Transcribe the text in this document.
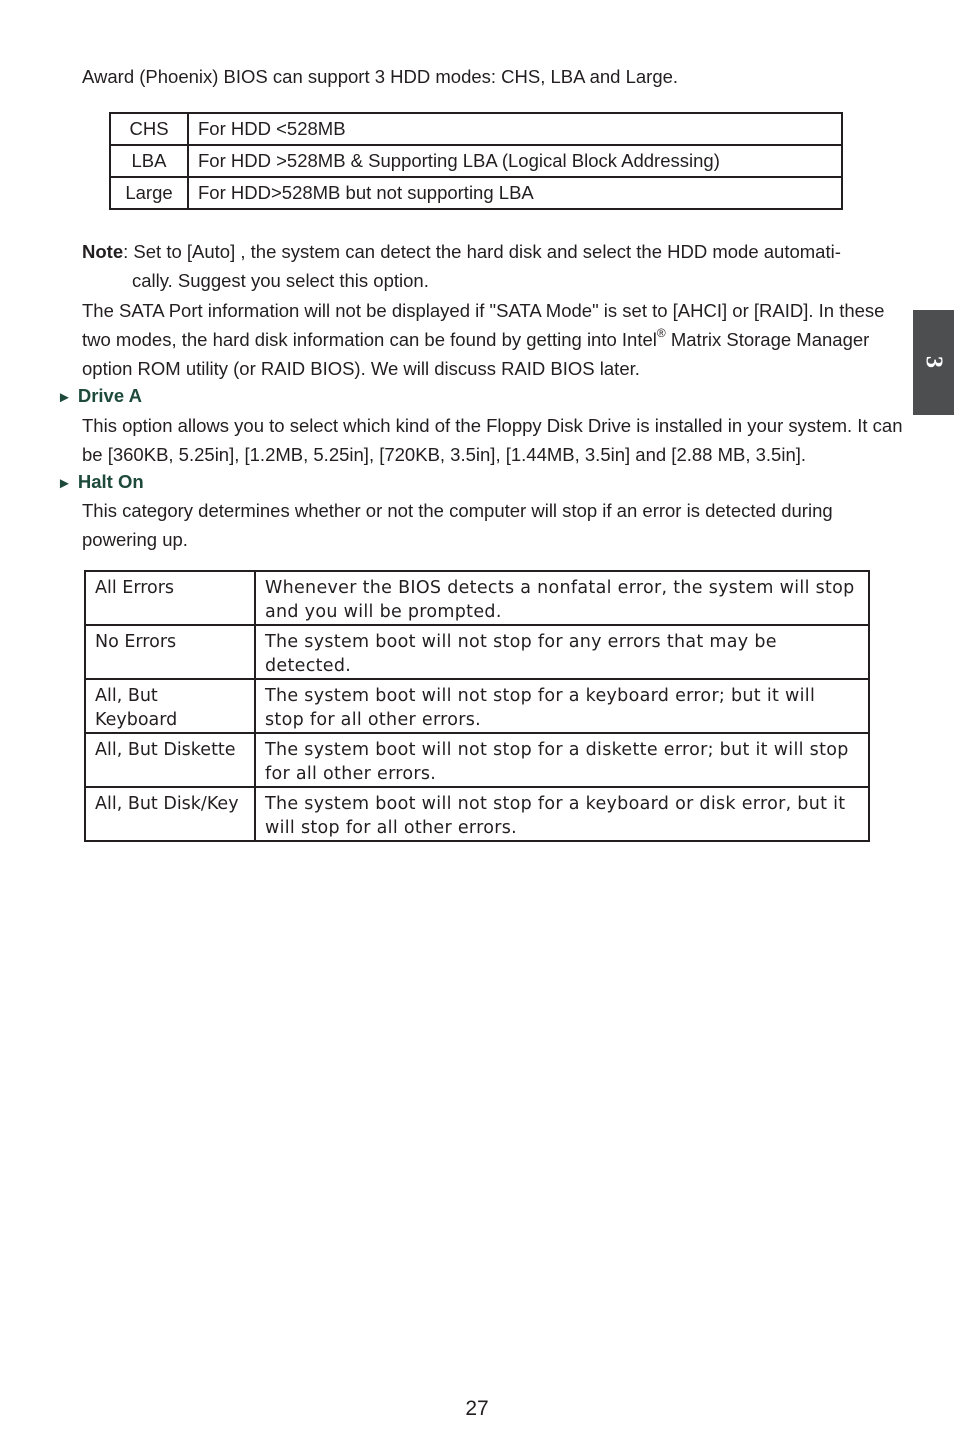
Award (Phoenix) BIOS can support 3 HDD modes: CHS, LBA and Large.
CHS	For HDD <528MB
LBA	For HDD >528MB & Supporting LBA (Logical Block Addressing)
Large	For HDD>528MB but not supporting LBA
Note: Set to [Auto] , the system can detect the hard disk and select the HDD mode automati-
cally. Suggest you select this option.
The SATA Port information will not be displayed if "SATA Mode" is set to [AHCI] or [RAID]. In these two modes, the hard disk information can be found by getting into Intel® Matrix Storage Manager option ROM utility (or RAID BIOS). We will discuss RAID BIOS later.
► Drive A
This option allows you to select which kind of the Floppy Disk Drive is installed in your system. It can be [360KB, 5.25in], [1.2MB, 5.25in], [720KB, 3.5in], [1.44MB, 3.5in] and [2.88 MB, 3.5in].
► Halt On
This category determines whether or not the computer will stop if an error is detected during powering up.
All Errors	Whenever the BIOS detects a nonfatal error, the system will stop and you will be prompted.
No Errors	The system boot will not stop for any errors that may be detected.
All, But Keyboard	The system boot will not stop for a keyboard error; but it will stop for all other errors.
All, But Diskette	The system boot will not stop for a diskette error; but it will stop for all other errors.
All, But Disk/Key	The system boot will not stop for a keyboard or disk error, but it will stop for all other errors.
3
27
